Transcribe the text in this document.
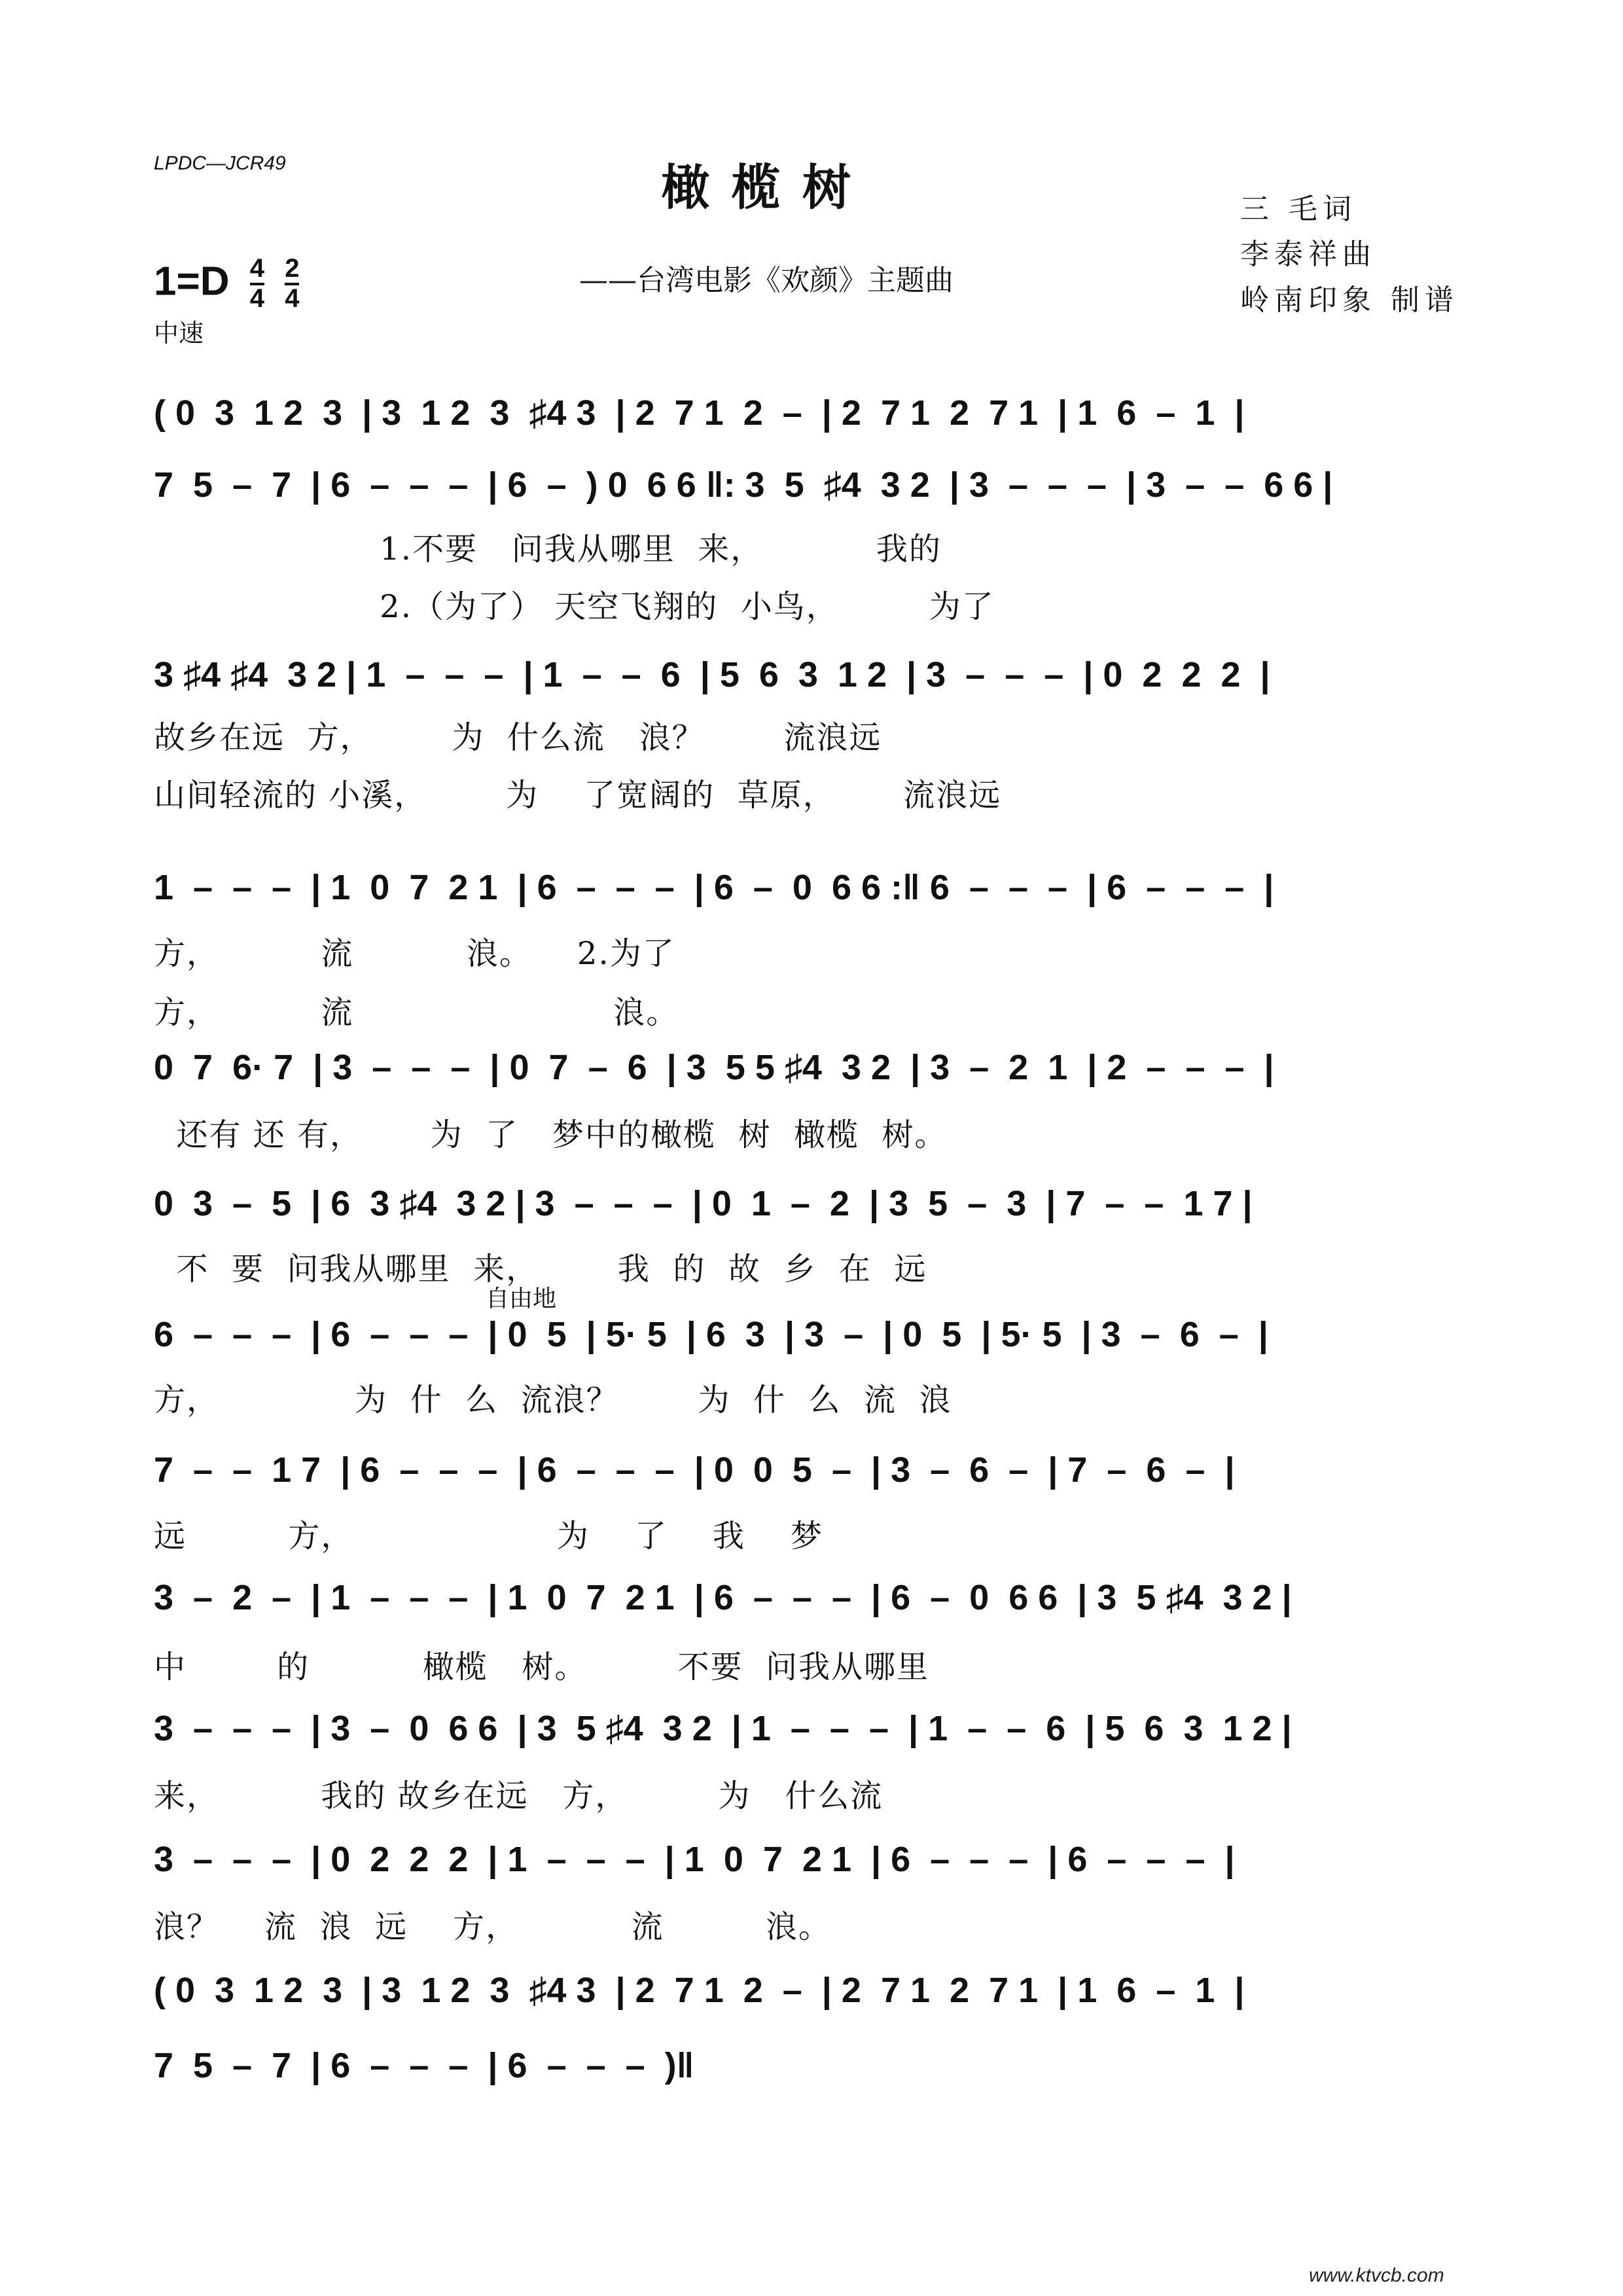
LPDC—JCR49	橄榄树
——台湾电影《欢颜》主题曲
三 毛词
李泰祥曲
岭南印象 制谱
$1=D \frac{4}{4}$
$\frac{2}{4}$
中速
自由地
( 0  3  1 2  3  | 3  1 2  3  ♯4 3  | 2  7 1  2  –  | 2  7 1  2  7 1  | 1  6  –  1  |
7  5  –  7  | 6  –  –  –  | 6  –  ) 0  6 6 ‖: 3  5  ♯4  3 2  | 3  –  –  –  | 3  –  –  6 6 |
1.不要   问我从哪里  来，          我的
2.（为了） 天空飞翔的  小鸟，        为了
3 ♯4 ♯4  3 2 | 1  –  –  –  | 1  –  –  6  | 5  6  3  1 2  | 3  –  –  –  | 0  2  2  2  |
故乡在远  方，       为  什么流   浪？       流浪远
山间轻流的 小溪，       为    了宽阔的  草原，      流浪远
1  –  –  –  | 1  0  7  2 1  | 6  –  –  –  | 6  –  0  6 6 :‖ 6  –  –  –  | 6  –  –  –  |
方，         流          浪。    2.为了
方，         流                       浪。
0  7  6· 7  | 3  –  –  –  | 0  7  –  6  | 3  5 5 ♯4  3 2  | 3  –  2  1  | 2  –  –  –  |
还有 还 有，      为  了   梦中的橄榄  树  橄榄  树。
0  3  –  5  | 6  3 ♯4  3 2 | 3  –  –  –  | 0  1  –  2  | 3  5  –  3  | 7  –  –  1 7 |
不  要  问我从哪里  来，       我  的  故  乡  在  远
6  –  –  –  | 6  –  –  –  | 0  5  | 5· 5  | 6  3  | 3  –  | 0  5  | 5· 5  | 3  –  6  –  |
方，            为  什  么  流浪？       为  什  么  流  浪
7  –  –  1 7  | 6  –  –  –  | 6  –  –  –  | 0  0  5  –  | 3  –  6  –  | 7  –  6  –  |
远         方，                  为    了    我    梦
3  –  2  –  | 1  –  –  –  | 1  0  7  2 1  | 6  –  –  –  | 6  –  0  6 6  | 3  5 ♯4  3 2 |
中        的          橄榄   树。        不要  问我从哪里
3  –  –  –  | 3  –  0  6 6  | 3  5 ♯4  3 2  | 1  –  –  –  | 1  –  –  6  | 5  6  3  1 2 |
来，         我的 故乡在远   方，        为   什么流
3  –  –  –  | 0  2  2  2  | 1  –  –  –  | 1  0  7  2 1  | 6  –  –  –  | 6  –  –  –  |
浪？    流  浪  远    方，          流         浪。
( 0  3  1 2  3  | 3  1 2  3  ♯4 3  | 2  7 1  2  –  | 2  7 1  2  7 1  | 1  6  –  1  |
7  5  –  7  | 6  –  –  –  | 6  –  –  –  )‖
www.ktvcb.com
